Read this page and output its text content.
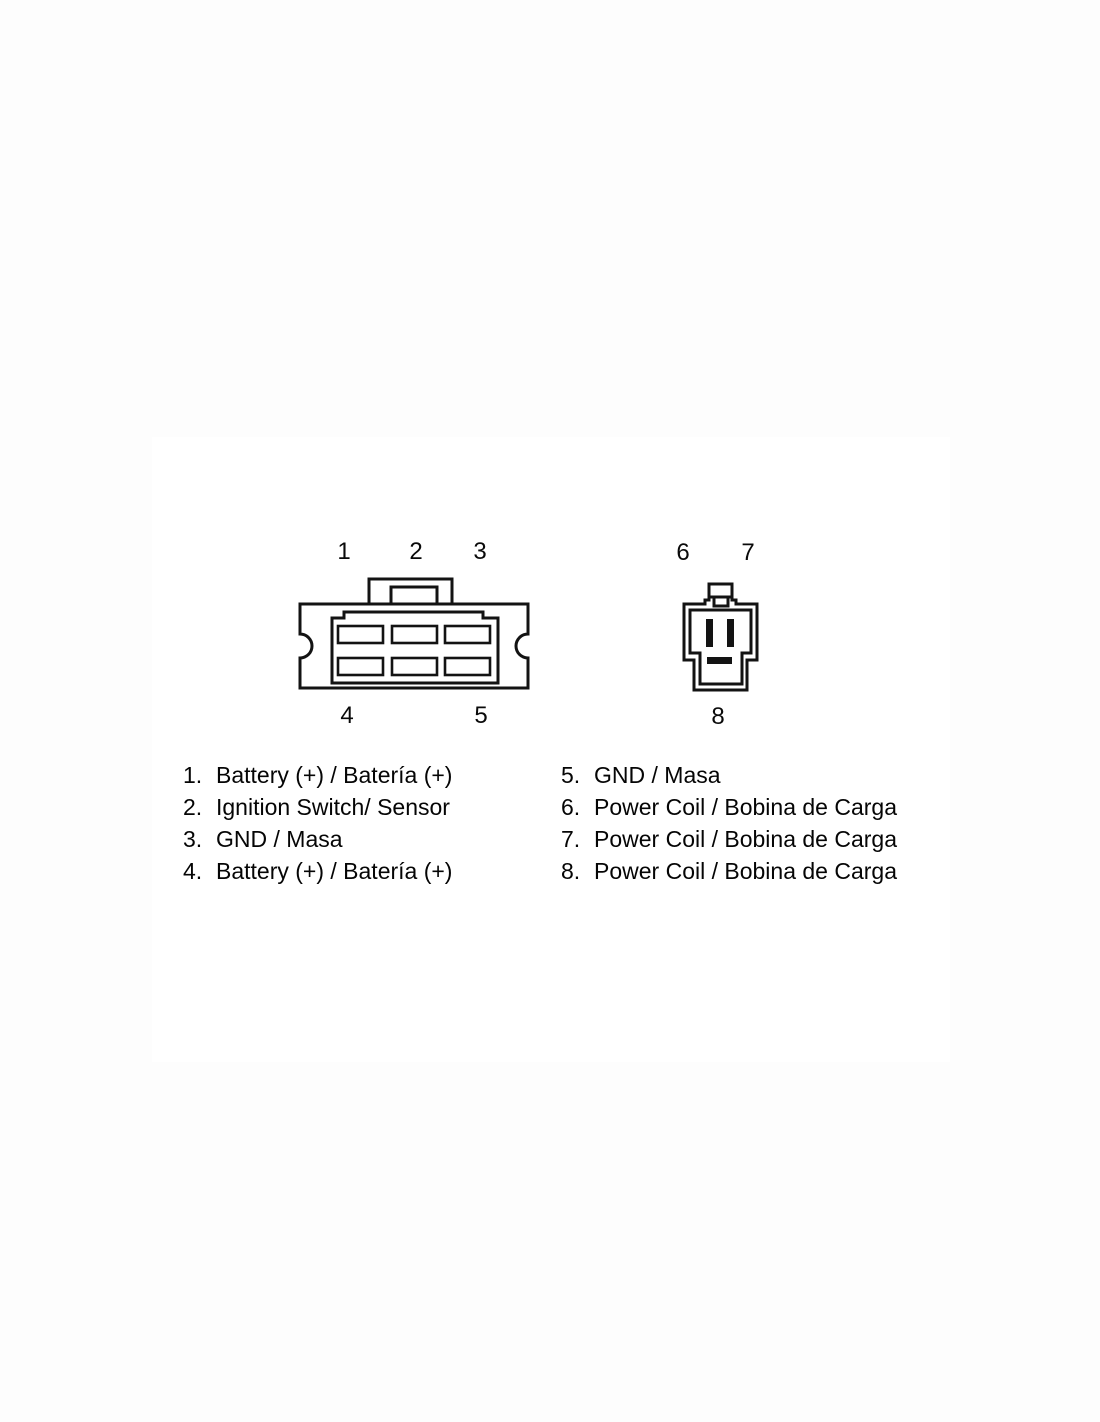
1 2 3
4	5
6 7
8
1. Battery (+) / Batería (+)
2. Ignition Switch/ Sensor
3. GND / Masa
4. Battery (+) / Batería (+)
5. GND / Masa
6. Power Coil / Bobina de Carga
7. Power Coil / Bobina de Carga
8. Power Coil / Bobina de Carga
